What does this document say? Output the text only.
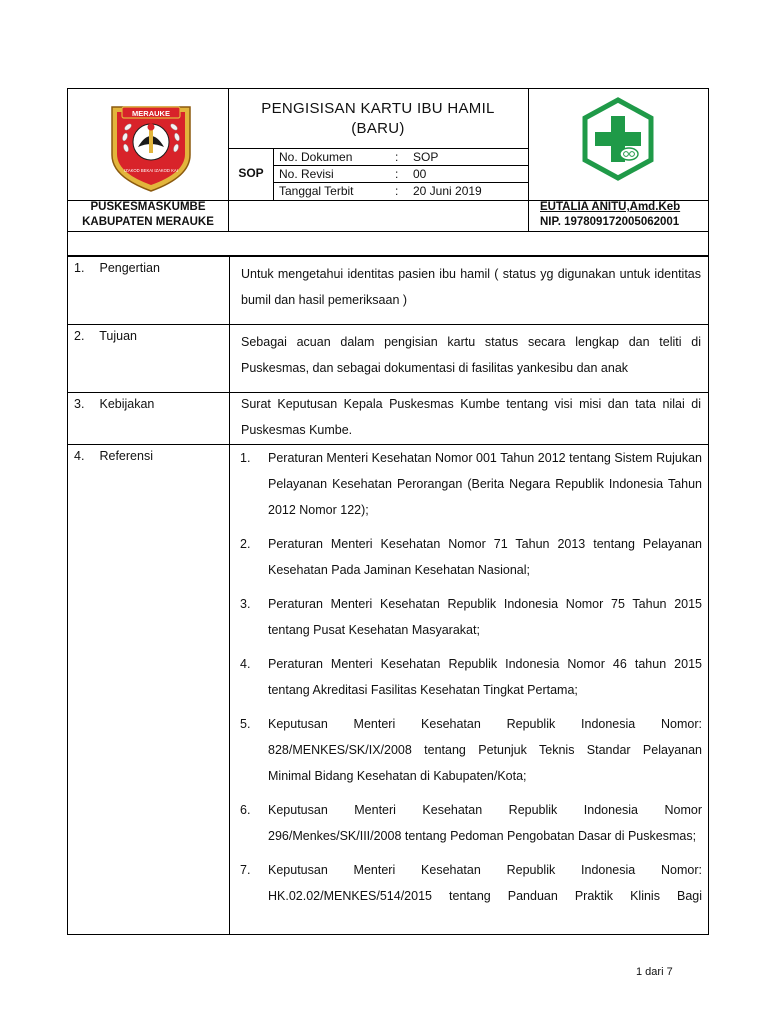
MERAUKE
IZAKOD BEKAI IZAKOD KAI
PENGISISAN KARTU IBU HAMIL
(BARU)
SOP
No. Dokumen	:	SOP
No. Revisi	:	00
Tanggal Terbit	:	20 Juni 2019
PUSKESMASKUMBE
KABUPATEN MERAUKE
EUTALIA ANITU,Amd.Keb
NIP. 197809172005062001
1. Pengertian	Untuk mengetahui identitas pasien ibu hamil ( status yg digunakan untuk identitas bumil dan hasil pemeriksaan )
2. Tujuan	Sebagai acuan dalam pengisian kartu status secara lengkap dan teliti di Puskesmas, dan sebagai dokumentasi di fasilitas yankesibu dan anak
3. Kebijakan	Surat Keputusan Kepala Puskesmas Kumbe tentang visi misi dan tata nilai di Puskesmas Kumbe.
4. Referensi	1. Peraturan Menteri Kesehatan Nomor 001 Tahun 2012 tentang Sistem Rujukan Pelayanan Kesehatan Perorangan (Berita Negara Republik Indonesia Tahun 2012 Nomor 122);
2. Peraturan Menteri Kesehatan Nomor 71 Tahun 2013 tentang Pelayanan Kesehatan Pada Jaminan Kesehatan Nasional;
3. Peraturan Menteri Kesehatan Republik Indonesia Nomor 75 Tahun 2015 tentang Pusat Kesehatan Masyarakat;
4. Peraturan Menteri Kesehatan Republik Indonesia Nomor 46 tahun 2015 tentang Akreditasi Fasilitas Kesehatan Tingkat Pertama;
5. Keputusan Menteri Kesehatan Republik Indonesia Nomor: 828/MENKES/SK/IX/2008 tentang Petunjuk Teknis Standar Pelayanan Minimal Bidang Kesehatan di Kabupaten/Kota;
6. Keputusan Menteri Kesehatan Republik Indonesia Nomor 296/Menkes/SK/III/2008 tentang Pedoman Pengobatan Dasar di Puskesmas;
7. Keputusan Menteri Kesehatan Republik Indonesia Nomor: HK.02.02/MENKES/514/2015 tentang Panduan Praktik Klinis Bagi
1 dari 7
